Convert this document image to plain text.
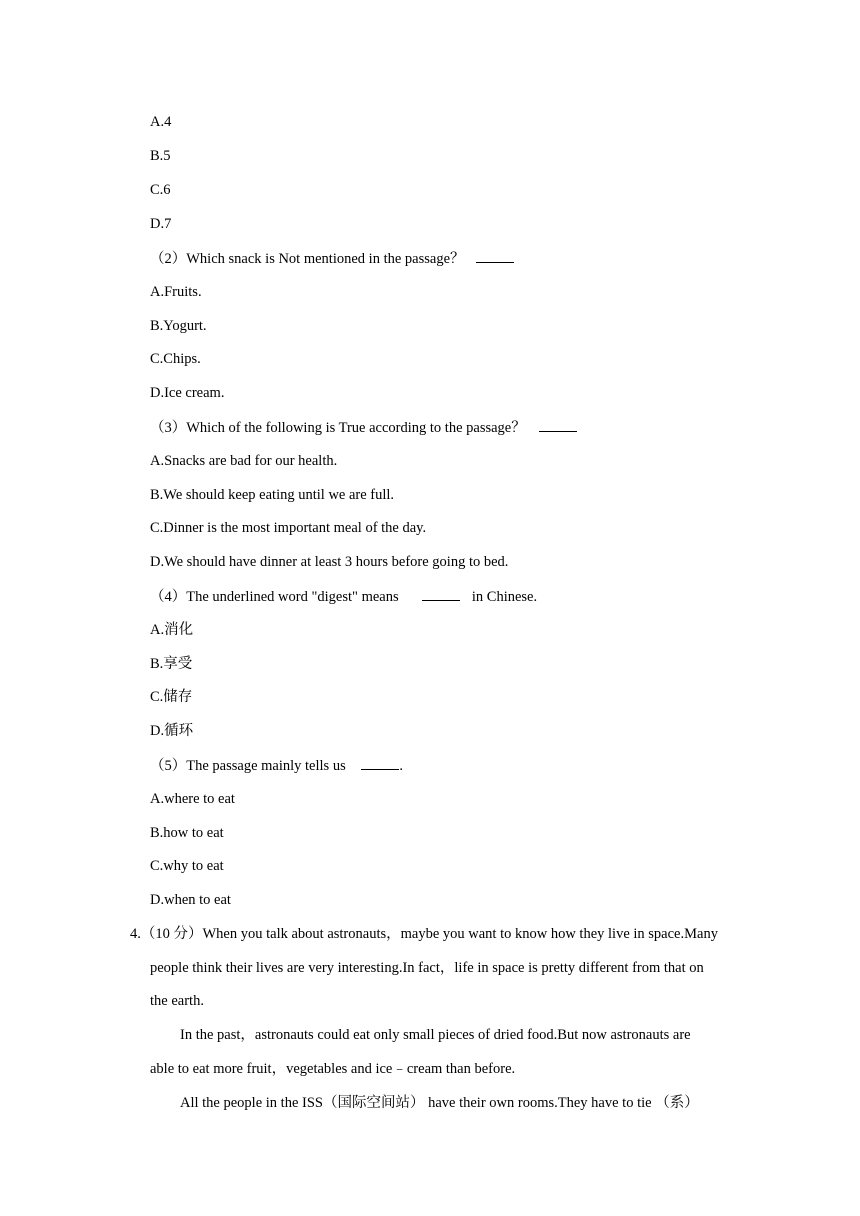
A.4
B.5
C.6
D.7
（2）Which snack is Not mentioned in the passage？
A.Fruits.
B.Yogurt.
C.Chips.
D.Ice cream.
（3）Which of the following is True according to the passage？
A.Snacks are bad for our health.
B.We should keep eating until we are full.
C.Dinner is the most important meal of the day.
D.We should have dinner at least 3 hours before going to bed.
（4）The underlined word "digest" means	in Chinese.
A.消化
B.享受
C.储存
D.循环
（5）The passage mainly tells us	.
A.where to eat
B.how to eat
C.why to eat
D.when to eat
4.（10 分）When you talk about astronauts，maybe you want to know how they live in space.Many
people think their lives are very interesting.In fact，life in space is pretty different from that on
the earth.
In the past，astronauts could eat only small pieces of dried food.But now astronauts are
able to eat more fruit，vegetables and ice﹣cream than before.
All the people in the ISS（国际空间站） have their own rooms.They have to tie （系）
